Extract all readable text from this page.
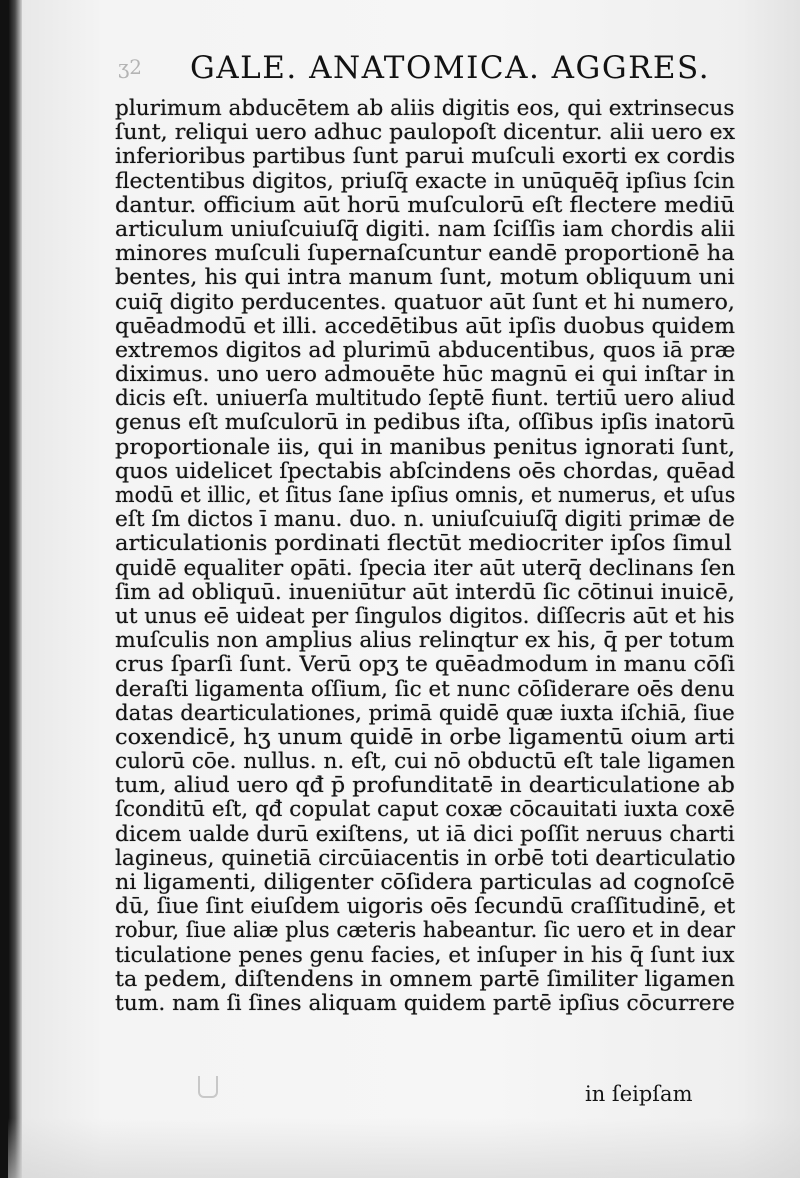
ʒ2 GALE. ANATOMICA. AGGRES.
plurimum abducētem ab aliis digitis eos, qui extrinsecus
ſunt, reliqui uero adhuc paulopoſt dicentur. alii uero ex
inferioribus partibus ſunt parui muſculi exorti ex cordis
flectentibus digitos, priuſq̄ exacte in unūquēq̄ ipſius ſcin
dantur. officium aūt horū muſculorū eſt flectere mediū
articulum uniuſcuiuſq̄ digiti. nam ſciſſis iam chordis alii
minores muſculi ſupernaſcuntur eandē proportionē ha
bentes, his qui intra manum ſunt, motum obliquum uni
cuiq̄ digito perducentes. quatuor aūt ſunt et hi numero,
quēadmodū et illi. accedētibus aūt ipſis duobus quidem
extremos digitos ad plurimū abducentibus, quos iā præ
diximus. uno uero admouēte hūc magnū ei qui inſtar in
dicis eſt. uniuerſa multitudo ſeptē fiunt. tertiū uero aliud
genus eſt muſculorū in pedibus iſta, oſſibus ipſis inatorū
proportionale iis, qui in manibus penitus ignorati ſunt,
quos uidelicet ſpectabis abſcindens oēs chordas, quēad
modū et illic, et ſitus ſane ipſius omnis, et numerus, et uſus
eſt ſm dictos ī manu. duo. n. uniuſcuiuſq̄ digiti primæ de
articulationis pordinati flectūt mediocriter ipſos ſimul
quidē equaliter opāti. ſpecia iter aūt uterq̄ declinans ſen
ſim ad obliquū. inueniūtur aūt interdū ſic cōtinui inuicē,
ut unus eē uideat per ſingulos digitos. diſſecris aūt et his
muſculis non amplius alius relinqtur ex his, q̄ per totum
crus ſparſi ſunt. Verū opʒ te quēadmodum in manu cōſi
deraſti ligamenta oſſium, ſic et nunc cōſiderare oēs denu
datas dearticulationes, primā quidē quæ iuxta iſchiā, ſiue
coxendicē, hʒ unum quidē in orbe ligamentū oium arti
culorū cōe. nullus. n. eſt, cui nō obductū eſt tale ligamen
tum, aliud uero qđ p̄ profunditatē in dearticulatione ab
ſconditū eſt, qđ copulat caput coxæ cōcauitati iuxta coxē
dicem ualde durū exiſtens, ut iā dici poſſit neruus charti
lagineus, quinetiā circūiacentis in orbē toti dearticulatio
ni ligamenti, diligenter cōſidera particulas ad cognoſcē
dū, ſiue ſint eiuſdem uigoris oēs ſecundū craſſitudinē, et
robur, ſiue aliæ plus cæteris habeantur. ſic uero et in dear
ticulatione penes genu facies, et inſuper in his q̄ ſunt iux
ta pedem, diſtendens in omnem partē ſimiliter ligamen
tum. nam ſi ſines aliquam quidem partē ipſius cōcurrere
in ſeipſam
